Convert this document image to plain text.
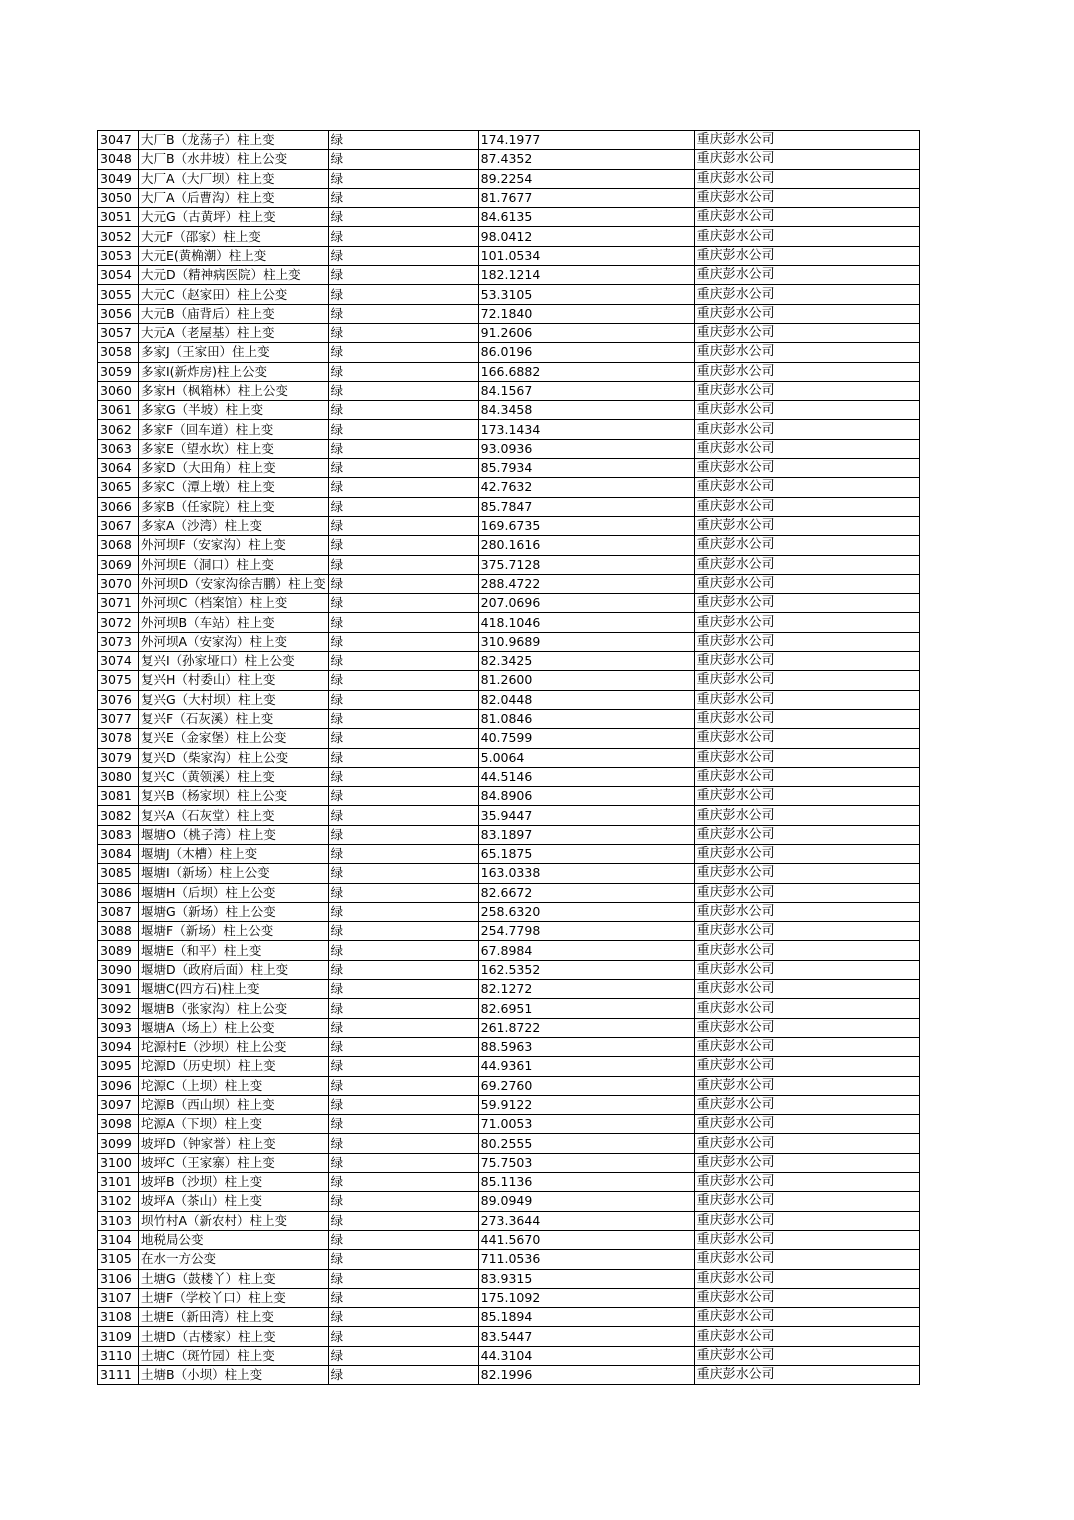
3047	大厂B（龙荡子）柱上变	绿	174.1977	重庆彭水公司
3048	大厂B（水井坡）柱上公变	绿	87.4352	重庆彭水公司
3049	大厂A（大厂坝）柱上变	绿	89.2254	重庆彭水公司
3050	大厂A（后曹沟）柱上变	绿	81.7677	重庆彭水公司
3051	大元G（古黄坪）柱上变	绿	84.6135	重庆彭水公司
3052	大元F（邵家）柱上变	绿	98.0412	重庆彭水公司
3053	大元E(黄桷潮）柱上变	绿	101.0534	重庆彭水公司
3054	大元D（精神病医院）柱上变	绿	182.1214	重庆彭水公司
3055	大元C（赵家田）柱上公变	绿	53.3105	重庆彭水公司
3056	大元B（庙背后）柱上变	绿	72.1840	重庆彭水公司
3057	大元A（老屋基）柱上变	绿	91.2606	重庆彭水公司
3058	多家J（王家田）住上变	绿	86.0196	重庆彭水公司
3059	多家I(新炸房)柱上公变	绿	166.6882	重庆彭水公司
3060	多家H（枫箱林）柱上公变	绿	84.1567	重庆彭水公司
3061	多家G（半坡）柱上变	绿	84.3458	重庆彭水公司
3062	多家F（回车道）柱上变	绿	173.1434	重庆彭水公司
3063	多家E（望水坎）柱上变	绿	93.0936	重庆彭水公司
3064	多家D（大田角）柱上变	绿	85.7934	重庆彭水公司
3065	多家C（潭上墩）柱上变	绿	42.7632	重庆彭水公司
3066	多家B（任家院）柱上变	绿	85.7847	重庆彭水公司
3067	多家A（沙湾）柱上变	绿	169.6735	重庆彭水公司
3068	外河坝F（安家沟）柱上变	绿	280.1616	重庆彭水公司
3069	外河坝E（洞口）柱上变	绿	375.7128	重庆彭水公司
3070	外河坝D（安家沟徐吉鹏）柱上变	绿	288.4722	重庆彭水公司
3071	外河坝C（档案馆）柱上变	绿	207.0696	重庆彭水公司
3072	外河坝B（车站）柱上变	绿	418.1046	重庆彭水公司
3073	外河坝A（安家沟）柱上变	绿	310.9689	重庆彭水公司
3074	复兴I（孙家垭口）柱上公变	绿	82.3425	重庆彭水公司
3075	复兴H（村委山）柱上变	绿	81.2600	重庆彭水公司
3076	复兴G（大村坝）柱上变	绿	82.0448	重庆彭水公司
3077	复兴F（石灰溪）柱上变	绿	81.0846	重庆彭水公司
3078	复兴E（金家堡）柱上公变	绿	40.7599	重庆彭水公司
3079	复兴D（柴家沟）柱上公变	绿	5.0064	重庆彭水公司
3080	复兴C（黄领溪）柱上变	绿	44.5146	重庆彭水公司
3081	复兴B（杨家坝）柱上公变	绿	84.8906	重庆彭水公司
3082	复兴A（石灰堂）柱上变	绿	35.9447	重庆彭水公司
3083	堰塘O（桃子湾）柱上变	绿	83.1897	重庆彭水公司
3084	堰塘J（木槽）柱上变	绿	65.1875	重庆彭水公司
3085	堰塘I（新场）柱上公变	绿	163.0338	重庆彭水公司
3086	堰塘H（后坝）柱上公变	绿	82.6672	重庆彭水公司
3087	堰塘G（新场）柱上公变	绿	258.6320	重庆彭水公司
3088	堰塘F（新场）柱上公变	绿	254.7798	重庆彭水公司
3089	堰塘E（和平）柱上变	绿	67.8984	重庆彭水公司
3090	堰塘D（政府后面）柱上变	绿	162.5352	重庆彭水公司
3091	堰塘C(四方石)柱上变	绿	82.1272	重庆彭水公司
3092	堰塘B（张家沟）柱上公变	绿	82.6951	重庆彭水公司
3093	堰塘A（场上）柱上公变	绿	261.8722	重庆彭水公司
3094	坨源村E（沙坝）柱上公变	绿	88.5963	重庆彭水公司
3095	坨源D（历史坝）柱上变	绿	44.9361	重庆彭水公司
3096	坨源C（上坝）柱上变	绿	69.2760	重庆彭水公司
3097	坨源B（西山坝）柱上变	绿	59.9122	重庆彭水公司
3098	坨源A（下坝）柱上变	绿	71.0053	重庆彭水公司
3099	坡坪D（钟家誉）柱上变	绿	80.2555	重庆彭水公司
3100	坡坪C（王家寨）柱上变	绿	75.7503	重庆彭水公司
3101	坡坪B（沙坝）柱上变	绿	85.1136	重庆彭水公司
3102	坡坪A（茶山）柱上变	绿	89.0949	重庆彭水公司
3103	坝竹村A（新农村）柱上变	绿	273.3644	重庆彭水公司
3104	地税局公变	绿	441.5670	重庆彭水公司
3105	在水一方公变	绿	711.0536	重庆彭水公司
3106	土塘G（鼓楼丫）柱上变	绿	83.9315	重庆彭水公司
3107	土塘F（学校丫口）柱上变	绿	175.1092	重庆彭水公司
3108	土塘E（新田湾）柱上变	绿	85.1894	重庆彭水公司
3109	土塘D（古楼家）柱上变	绿	83.5447	重庆彭水公司
3110	土塘C（斑竹园）柱上变	绿	44.3104	重庆彭水公司
3111	土塘B（小坝）柱上变	绿	82.1996	重庆彭水公司
